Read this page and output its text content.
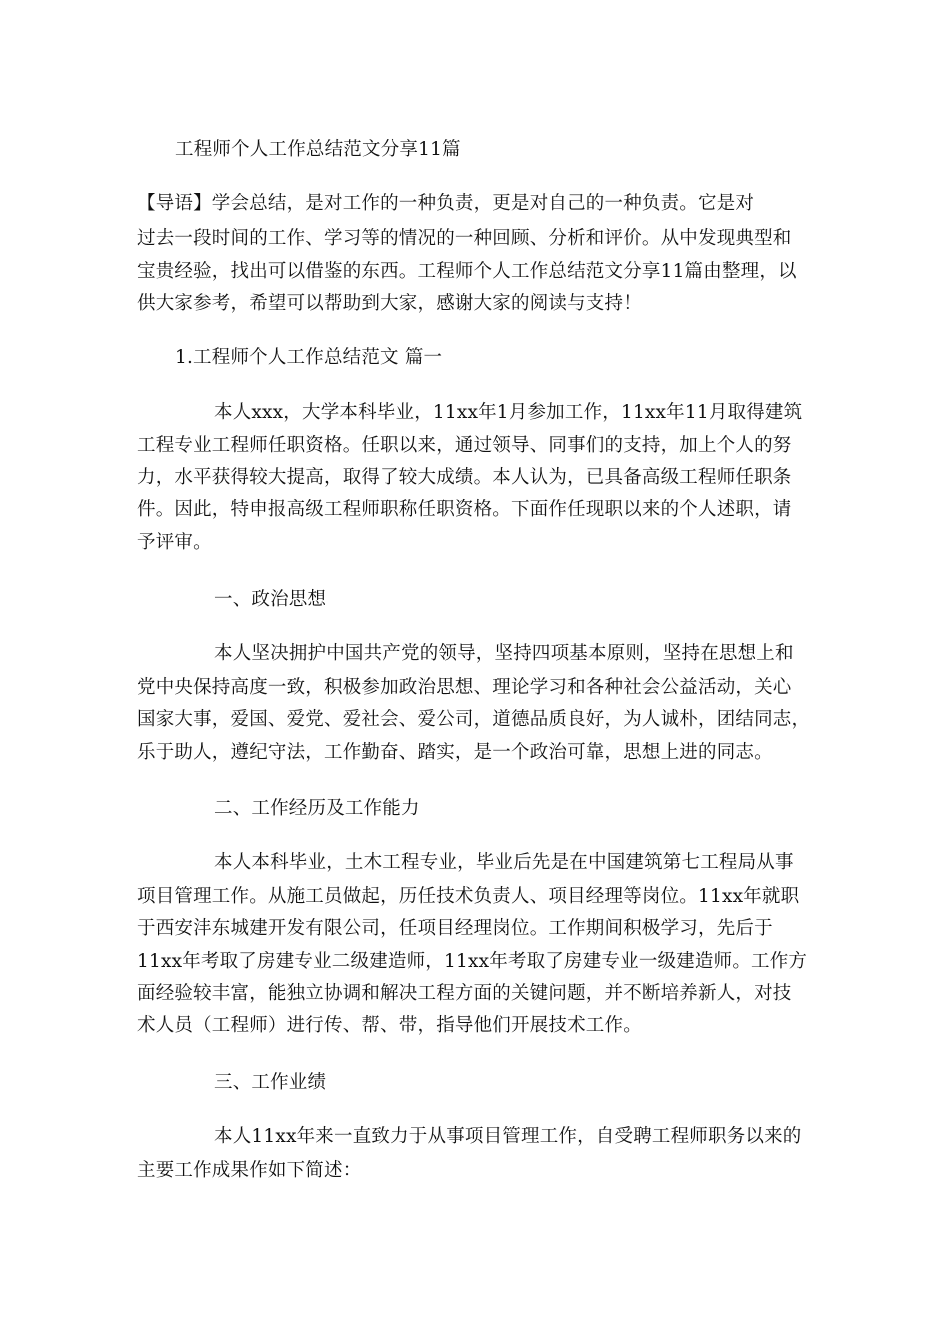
工程师个人工作总结范文分享11篇
【导语】学会总结，是对工作的一种负责，更是对自己的一种负责。它是对
过去一段时间的工作、学习等的情况的一种回顾、分析和评价。从中发现典型和
宝贵经验，找出可以借鉴的东西。工程师个人工作总结范文分享11篇由整理，以
供大家参考，希望可以帮助到大家，感谢大家的阅读与支持！
1.工程师个人工作总结范文 篇一
本人xxx，大学本科毕业，11xx年1月参加工作，11xx年11月取得建筑
工程专业工程师任职资格。任职以来，通过领导、同事们的支持，加上个人的努
力，水平获得较大提高，取得了较大成绩。本人认为，已具备高级工程师任职条
件。因此，特申报高级工程师职称任职资格。下面作任现职以来的个人述职，请
予评审。
一、政治思想
本人坚决拥护中国共产党的领导，坚持四项基本原则，坚持在思想上和
党中央保持高度一致，积极参加政治思想、理论学习和各种社会公益活动，关心
国家大事，爱国、爱党、爱社会、爱公司，道德品质良好，为人诚朴，团结同志，
乐于助人，遵纪守法，工作勤奋、踏实，是一个政治可靠，思想上进的同志。
二、工作经历及工作能力
本人本科毕业，土木工程专业，毕业后先是在中国建筑第七工程局从事
项目管理工作。从施工员做起，历任技术负责人、项目经理等岗位。11xx年就职
于西安沣东城建开发有限公司，任项目经理岗位。工作期间积极学习，先后于
11xx年考取了房建专业二级建造师，11xx年考取了房建专业一级建造师。工作方
面经验较丰富，能独立协调和解决工程方面的关键问题，并不断培养新人，对技
术人员（工程师）进行传、帮、带，指导他们开展技术工作。
三、工作业绩
本人11xx年来一直致力于从事项目管理工作，自受聘工程师职务以来的
主要工作成果作如下简述：
